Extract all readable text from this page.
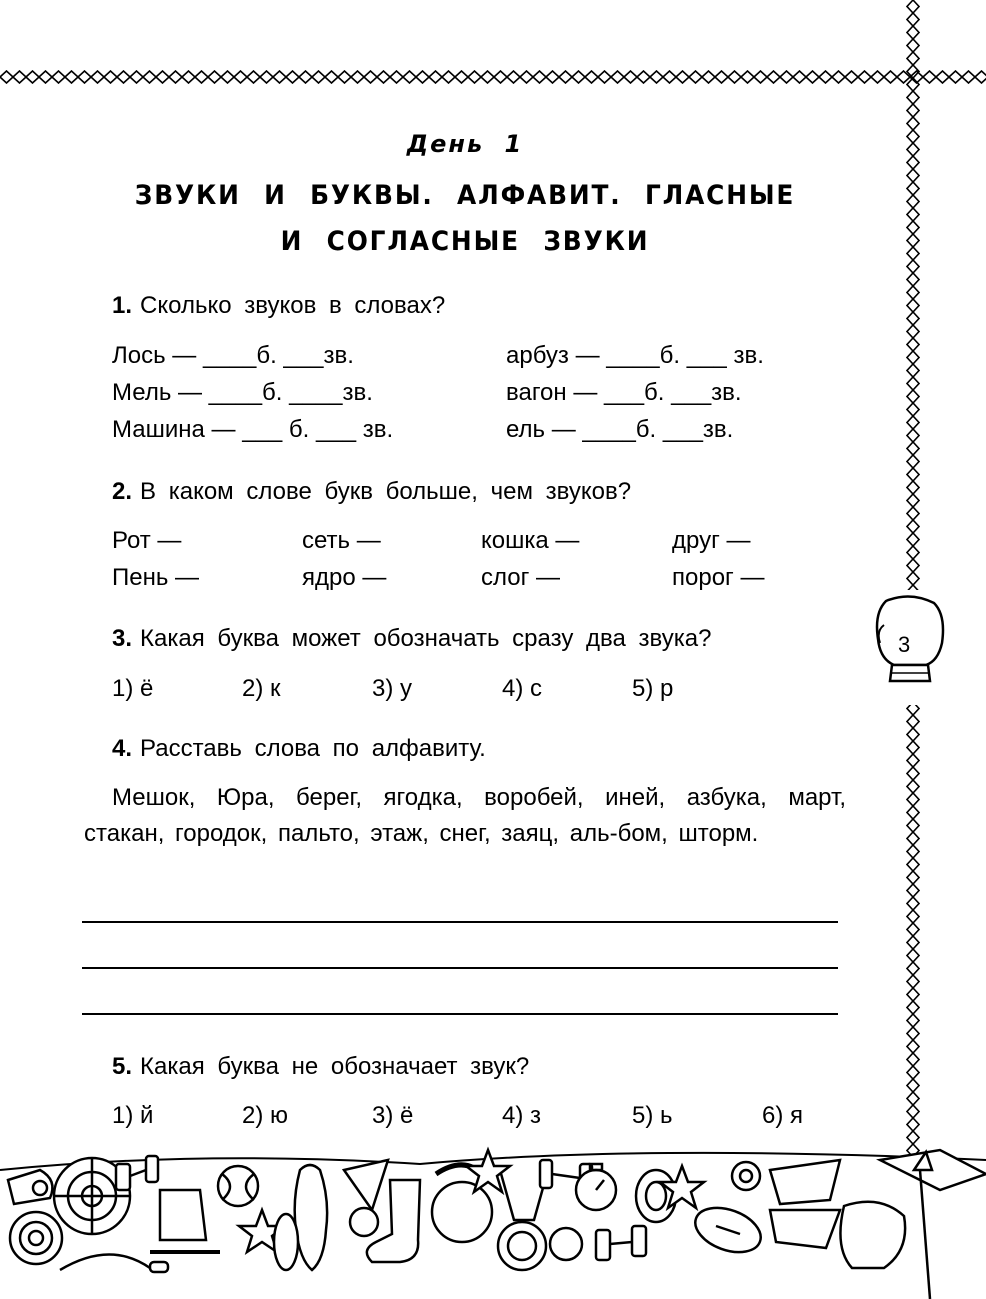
3
День 1
ЗВУКИ И БУКВЫ. АЛФАВИТ. ГЛАСНЫЕ
И СОГЛАСНЫЕ ЗВУКИ
1. Сколько звуков в словах?
Лось — ____б. ___зв.	арбуз — ____б. ___ зв.
Мель — ____б. ____зв.	вагон — ___б. ___зв.
Машина — ___ б. ___ зв.	ель — ____б. ___зв.
2. В каком слове букв больше, чем звуков?
Рот —	сеть —	кошка —	друг —
Пень —	ядро —	слог —	порог —
3. Какая буква может обозначать сразу два звука?
1) ё	2) к	3) у	4) с	5) р
4. Расставь слова по алфавиту.
Мешок, Юра, берег, ягодка, воробей, иней, азбука, март, стакан, городок, пальто, этаж, снег, заяц, аль-бом, шторм.
5. Какая буква не обозначает звук?
1) й	2) ю	3) ё	4) з	5) ь	6) я
